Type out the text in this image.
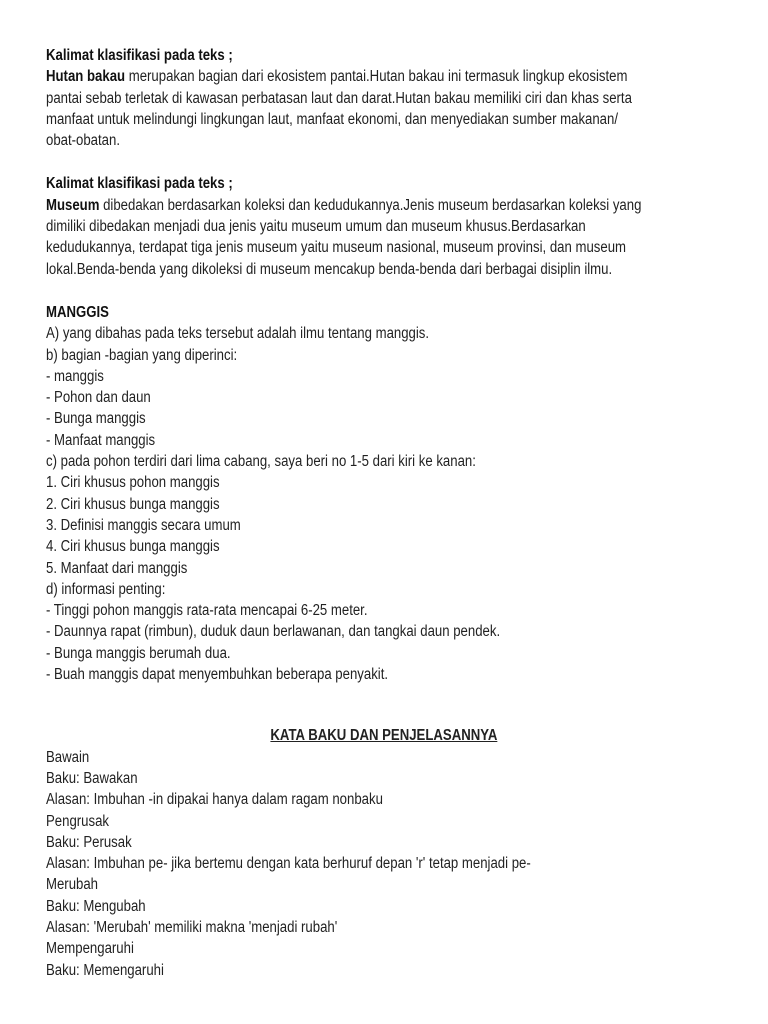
Kalimat klasifikasi pada teks ;
Hutan bakau merupakan bagian dari ekosistem pantai.Hutan bakau ini termasuk lingkup ekosistem
pantai sebab terletak di kawasan perbatasan laut dan darat.Hutan bakau memiliki ciri dan khas serta
manfaat untuk melindungi lingkungan laut, manfaat ekonomi, dan menyediakan sumber makanan/
obat-obatan.
Kalimat klasifikasi pada teks ;
Museum dibedakan berdasarkan koleksi dan kedudukannya.Jenis museum berdasarkan koleksi yang
dimiliki dibedakan menjadi dua jenis yaitu museum umum dan museum khusus.Berdasarkan
kedudukannya, terdapat tiga jenis museum yaitu museum nasional, museum provinsi, dan museum
lokal.Benda-benda yang dikoleksi di museum mencakup benda-benda dari berbagai disiplin ilmu.
MANGGIS
A) yang dibahas pada teks tersebut adalah ilmu tentang manggis.
b) bagian -bagian yang diperinci:
- manggis
- Pohon dan daun
- Bunga manggis
- Manfaat manggis
c) pada pohon terdiri dari lima cabang, saya beri no 1-5 dari kiri ke kanan:
1. Ciri khusus pohon manggis
2. Ciri khusus bunga manggis
3. Definisi manggis secara umum
4. Ciri khusus bunga manggis
5. Manfaat dari manggis
d) informasi penting:
- Tinggi pohon manggis rata-rata mencapai 6-25 meter.
- Daunnya rapat (rimbun), duduk daun berlawanan, dan tangkai daun pendek.
- Bunga manggis berumah dua.
- Buah manggis dapat menyembuhkan beberapa penyakit.
KATA BAKU DAN PENJELASANNYA
Bawain
Baku: Bawakan
Alasan: Imbuhan -in dipakai hanya dalam ragam nonbaku
Pengrusak
Baku: Perusak
Alasan: Imbuhan pe- jika bertemu dengan kata berhuruf depan 'r' tetap menjadi pe-
Merubah
Baku: Mengubah
Alasan: 'Merubah' memiliki makna 'menjadi rubah'
Mempengaruhi
Baku: Memengaruhi
